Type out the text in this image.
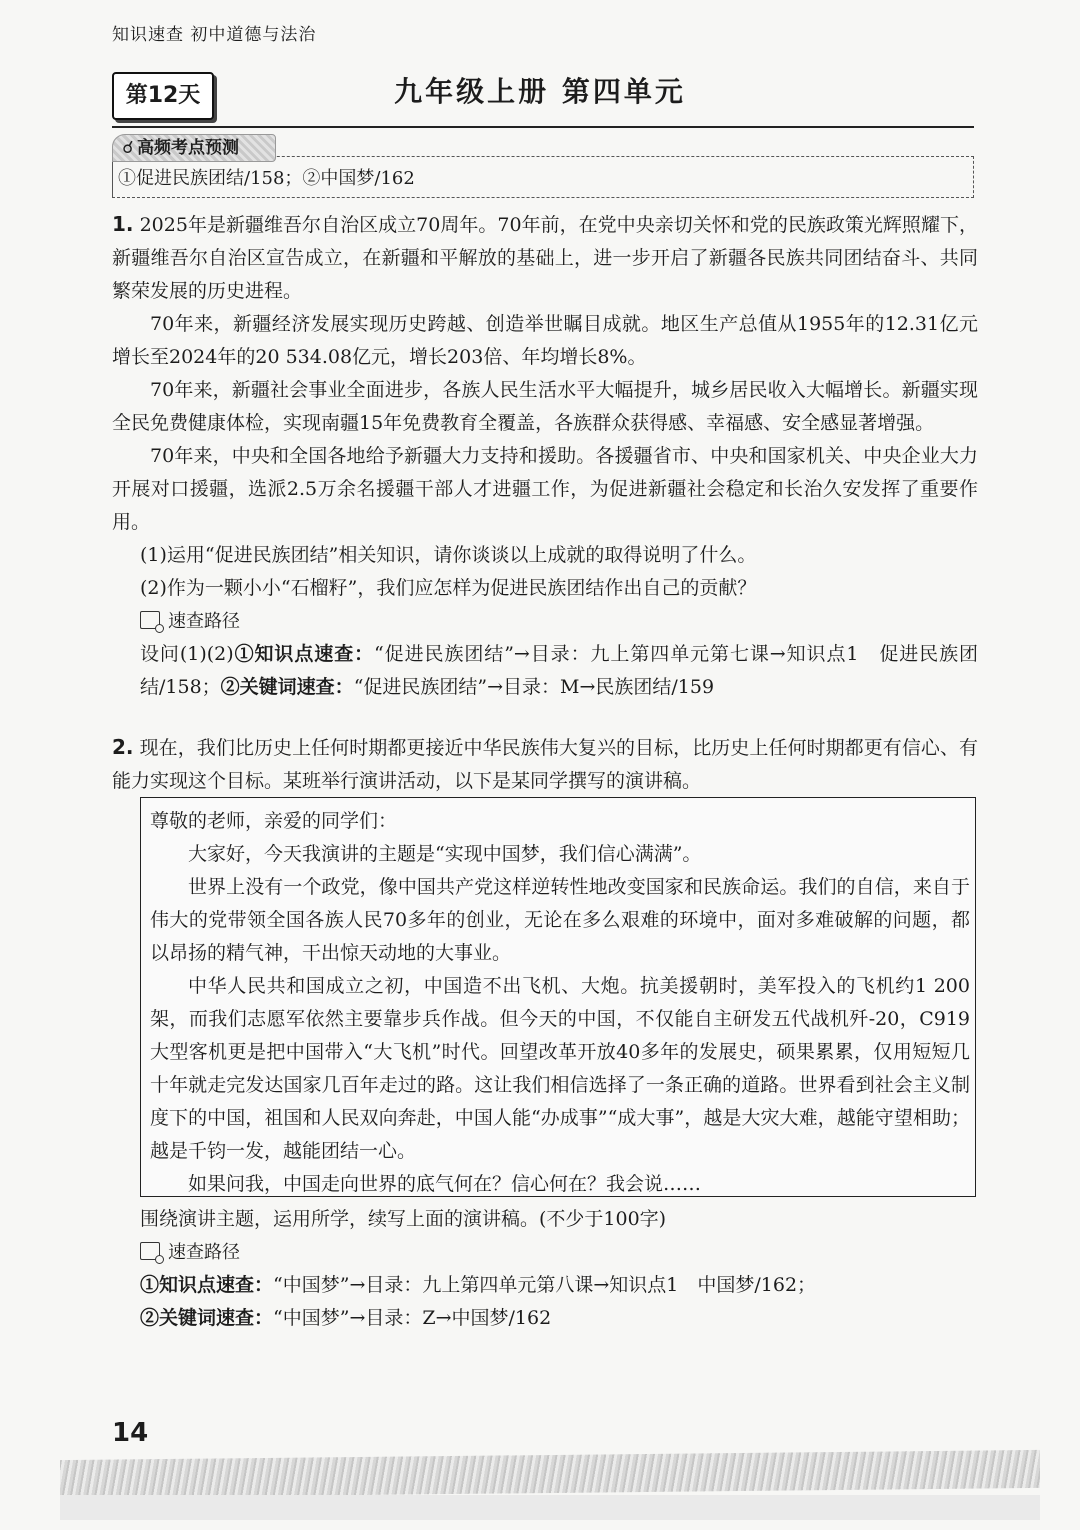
知识速查 初中道德与法治
第12天	九年级上册 第四单元
☌ 高频考点预测
①促进民族团结/158；②中国梦/162

1. 2025年是新疆维吾尔自治区成立70周年。70年前，在党中央亲切关怀和党的民族政策光辉照耀下，新疆维吾尔自治区宣告成立，在新疆和平解放的基础上，进一步开启了新疆各民族共同团结奋斗、共同繁荣发展的历史进程。

70年来，新疆经济发展实现历史跨越、创造举世瞩目成就。地区生产总值从1955年的12.31亿元增长至2024年的20 534.08亿元，增长203倍、年均增长8%。

70年来，新疆社会事业全面进步，各族人民生活水平大幅提升，城乡居民收入大幅增长。新疆实现全民免费健康体检，实现南疆15年免费教育全覆盖，各族群众获得感、幸福感、安全感显著增强。

70年来，中央和全国各地给予新疆大力支持和援助。各援疆省市、中央和国家机关、中央企业大力开展对口援疆，选派2.5万余名援疆干部人才进疆工作，为促进新疆社会稳定和长治久安发挥了重要作用。

(1)运用“促进民族团结”相关知识，请你谈谈以上成就的取得说明了什么。

(2)作为一颗小小“石榴籽”，我们应怎样为促进民族团结作出自己的贡献？

速查路径

设问(1)(2)①知识点速查：“促进民族团结”→目录：九上第四单元第七课→知识点1　促进民族团结/158；②关键词速查：“促进民族团结”→目录：M→民族团结/159

2. 现在，我们比历史上任何时期都更接近中华民族伟大复兴的目标，比历史上任何时期都更有信心、有能力实现这个目标。某班举行演讲活动，以下是某同学撰写的演讲稿。

尊敬的老师，亲爱的同学们：

大家好，今天我演讲的主题是“实现中国梦，我们信心满满”。

世界上没有一个政党，像中国共产党这样逆转性地改变国家和民族命运。我们的自信，来自于伟大的党带领全国各族人民70多年的创业，无论在多么艰难的环境中，面对多难破解的问题，都以昂扬的精气神，干出惊天动地的大事业。

中华人民共和国成立之初，中国造不出飞机、大炮。抗美援朝时，美军投入的飞机约1 200架，而我们志愿军依然主要靠步兵作战。但今天的中国，不仅能自主研发五代战机歼-20，C919大型客机更是把中国带入“大飞机”时代。回望改革开放40多年的发展史，硕果累累，仅用短短几十年就走完发达国家几百年走过的路。这让我们相信选择了一条正确的道路。世界看到社会主义制度下的中国，祖国和人民双向奔赴，中国人能“办成事”“成大事”，越是大灾大难，越能守望相助；越是千钧一发，越能团结一心。

如果问我，中国走向世界的底气何在？信心何在？我会说……

围绕演讲主题，运用所学，续写上面的演讲稿。(不少于100字)

速查路径

①知识点速查：“中国梦”→目录：九上第四单元第八课→知识点1　中国梦/162；

②关键词速查：“中国梦”→目录：Z→中国梦/162

14
